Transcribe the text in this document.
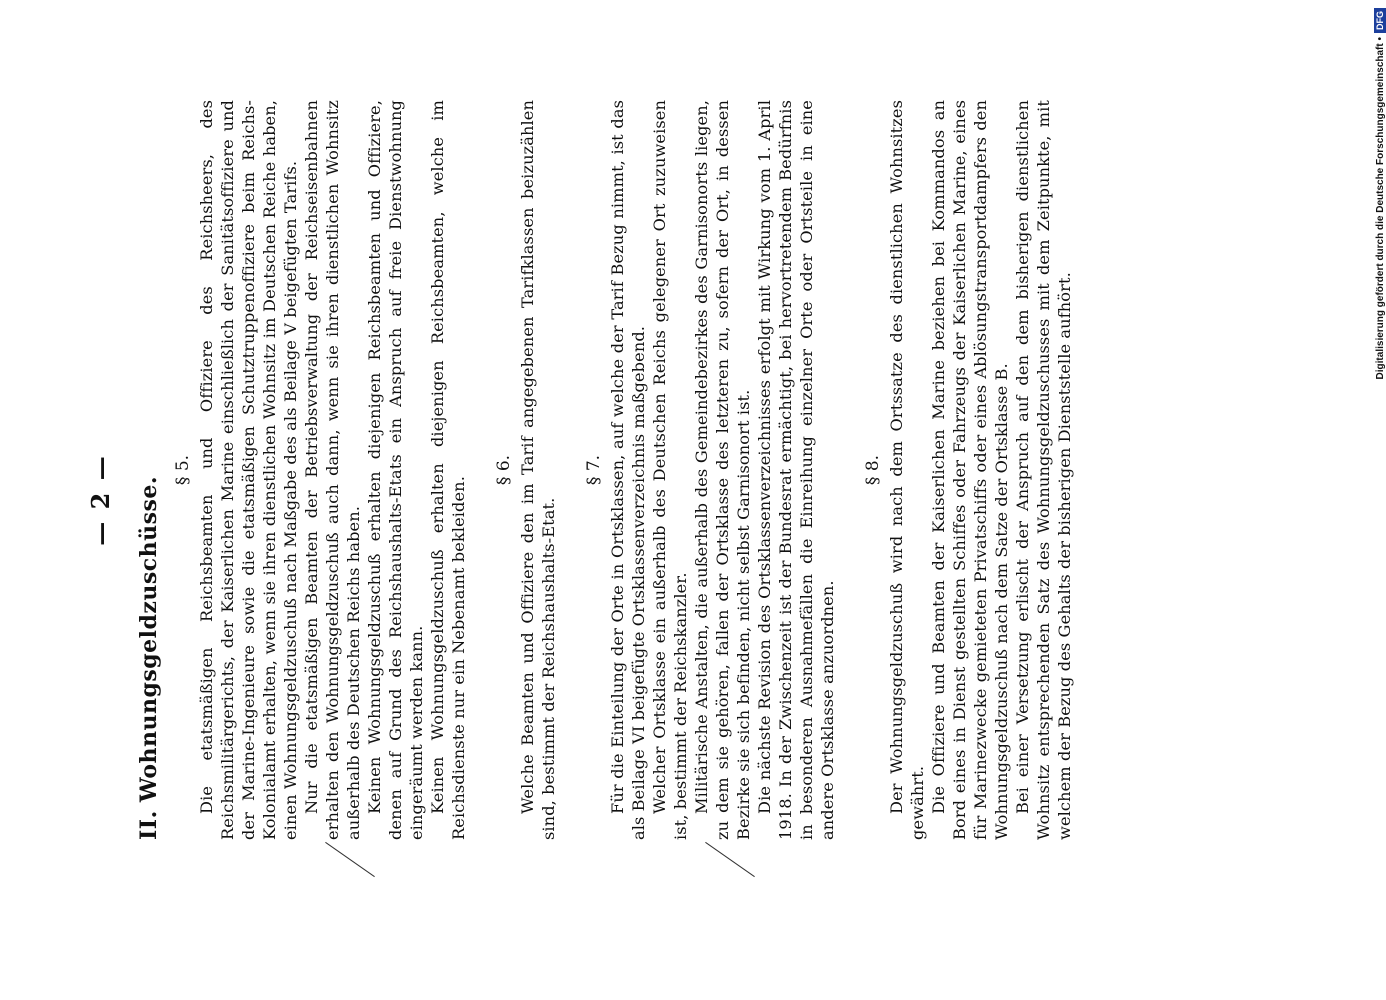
— 2 — II. Wohnungsgeldzuschüsse.

§ 5. Die etatsmäßigen Reichsbeamten und Offiziere des Reichsheers, des Reichsmilitärgerichts, der Kaiserlichen Marine einschließlich der Sanitätsoffiziere und der Marine-Ingenieure sowie die etatsmäßigen Schutztruppenoffiziere beim Reichs-Kolonialamt erhalten, wenn sie ihren dienstlichen Wohnsitz im Deutschen Reiche haben, einen Wohnungsgeldzuschuß nach Maßgabe des als Beilage V beigefügten Tarifs. Nur die etatsmäßigen Beamten der Betriebsverwaltung der Reichseisenbahnen erhalten den Wohnungsgeldzuschuß auch dann, wenn sie ihren dienstlichen Wohnsitz außerhalb des Deutschen Reichs haben. Keinen Wohnungsgeldzuschuß erhalten diejenigen Reichsbeamten und Offiziere, denen auf Grund des Reichshaushalts-Etats ein Anspruch auf freie Dienstwohnung eingeräumt werden kann. Keinen Wohnungsgeldzuschuß erhalten diejenigen Reichsbeamten, welche im Reichsdienste nur ein Nebenamt bekleiden.

§ 6. Welche Beamten und Offiziere den im Tarif angegebenen Tarifklassen beizuzählen sind, bestimmt der Reichshaushalts-Etat.

§ 7. Für die Einteilung der Orte in Ortsklassen, auf welche der Tarif Bezug nimmt, ist das als Beilage VI beigefügte Ortsklassenverzeichnis maßgebend. Welcher Ortsklasse ein außerhalb des Deutschen Reichs gelegener Ort zuzuweisen ist, bestimmt der Reichskanzler. Militärische Anstalten, die außerhalb des Gemeindebezirkes des Garnisonorts liegen, zu dem sie gehören, fallen der Ortsklasse des letzteren zu, sofern der Ort, in dessen Bezirke sie sich befinden, nicht selbst Garnisonort ist. Die nächste Revision des Ortsklassenverzeichnisses erfolgt mit Wirkung vom 1. April 1918. In der Zwischenzeit ist der Bundesrat ermächtigt, bei hervortretendem Bedürfnis in besonderen Ausnahmefällen die Einreihung einzelner Orte oder Ortsteile in eine andere Ortsklasse anzuordnen.

§ 8. Der Wohnungsgeldzuschuß wird nach dem Ortssatze des dienstlichen Wohnsitzes gewährt. Die Offiziere und Beamten der Kaiserlichen Marine beziehen bei Kommandos an Bord eines in Dienst gestellten Schiffes oder Fahrzeugs der Kaiserlichen Marine, eines für Marinezwecke gemieteten Privatschiffs oder eines Ablösungstransportdampfers den Wohnungsgeldzuschuß nach dem Satze der Ortsklasse B. Bei einer Versetzung erlischt der Anspruch auf den dem bisherigen dienstlichen Wohnsitz entsprechenden Satz des Wohnungsgeldzuschusses mit dem Zeitpunkte, mit welchem der Bezug des Gehalts der bisherigen Dienststelle aufhört.

Digitalisierung gefördert durch die Deutsche Forschungsgemeinschaft •
DFG
